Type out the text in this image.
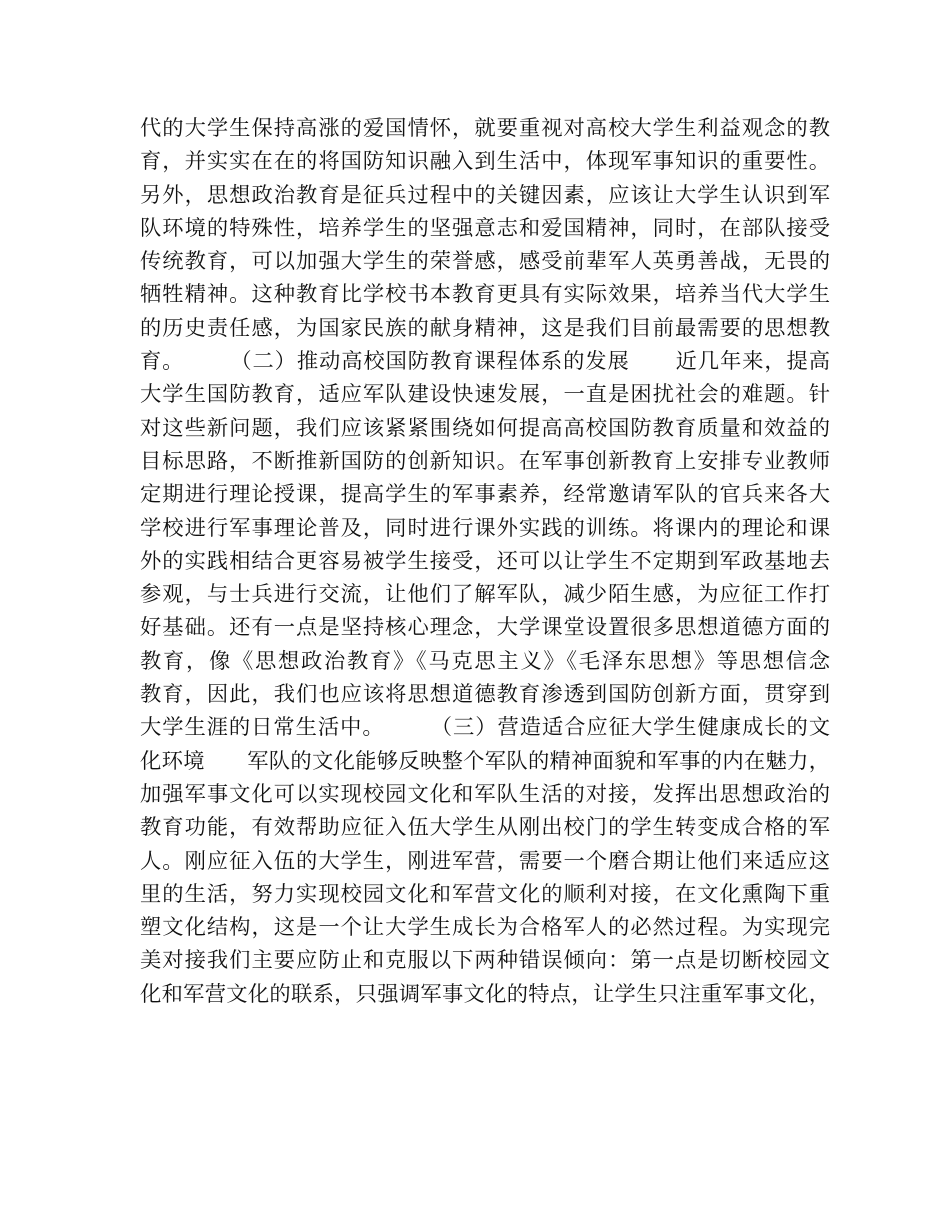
代的大学生保持高涨的爱国情怀，就要重视对高校大学生利益观念的教
育，并实实在在的将国防知识融入到生活中，体现军事知识的重要性。
另外，思想政治教育是征兵过程中的关键因素，应该让大学生认识到军
队环境的特殊性，培养学生的坚强意志和爱国精神，同时，在部队接受
传统教育，可以加强大学生的荣誉感，感受前辈军人英勇善战，无畏的
牺牲精神。这种教育比学校书本教育更具有实际效果，培养当代大学生
的历史责任感，为国家民族的献身精神，这是我们目前最需要的思想教
育。      （二）推动高校国防教育课程体系的发展      近几年来，提高
大学生国防教育，适应军队建设快速发展，一直是困扰社会的难题。针
对这些新问题，我们应该紧紧围绕如何提高高校国防教育质量和效益的
目标思路，不断推新国防的创新知识。在军事创新教育上安排专业教师
定期进行理论授课，提高学生的军事素养，经常邀请军队的官兵来各大
学校进行军事理论普及，同时进行课外实践的训练。将课内的理论和课
外的实践相结合更容易被学生接受，还可以让学生不定期到军政基地去
参观，与士兵进行交流，让他们了解军队，减少陌生感，为应征工作打
好基础。还有一点是坚持核心理念，大学课堂设置很多思想道德方面的
教育，像《思想政治教育》《马克思主义》《毛泽东思想》等思想信念
教育，因此，我们也应该将思想道德教育渗透到国防创新方面，贯穿到
大学生涯的日常生活中。      （三）营造适合应征大学生健康成长的文
化环境      军队的文化能够反映整个军队的精神面貌和军事的内在魅力，
加强军事文化可以实现校园文化和军队生活的对接，发挥出思想政治的
教育功能，有效帮助应征入伍大学生从刚出校门的学生转变成合格的军
人。刚应征入伍的大学生，刚进军营，需要一个磨合期让他们来适应这
里的生活，努力实现校园文化和军营文化的顺利对接，在文化熏陶下重
塑文化结构，这是一个让大学生成长为合格军人的必然过程。为实现完
美对接我们主要应防止和克服以下两种错误倾向：第一点是切断校园文
化和军营文化的联系，只强调军事文化的特点，让学生只注重军事文化，
